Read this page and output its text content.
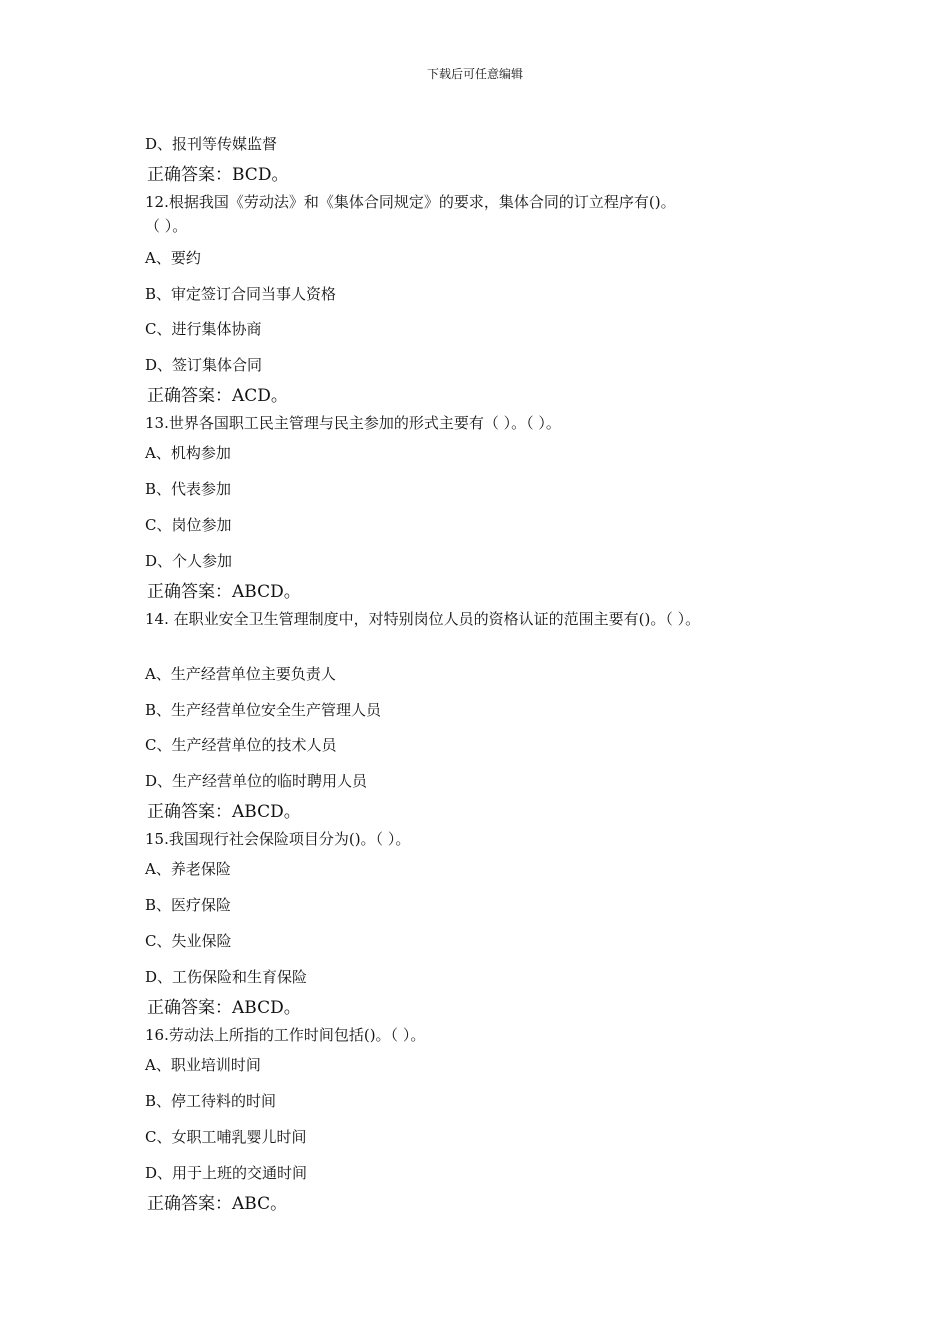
下载后可任意编辑
D、报刊等传媒监督
正确答案：BCD。
12.根据我国《劳动法》和《集体合同规定》的要求，集体合同的订立程序有()。
（ ）。
A、要约
B、审定签订合同当事人资格
C、进行集体协商
D、签订集体合同
正确答案：ACD。
13.世界各国职工民主管理与民主参加的形式主要有（ ）。（ ）。
A、机构参加
B、代表参加
C、岗位参加
D、个人参加
正确答案：ABCD。
14. 在职业安全卫生管理制度中，对特别岗位人员的资格认证的范围主要有()。（ ）。
A、生产经营单位主要负责人
B、生产经营单位安全生产管理人员
C、生产经营单位的技术人员
D、生产经营单位的临时聘用人员
正确答案：ABCD。
15.我国现行社会保险项目分为()。（ ）。
A、养老保险
B、医疗保险
C、失业保险
D、工伤保险和生育保险
正确答案：ABCD。
16.劳动法上所指的工作时间包括()。（ ）。
A、职业培训时间
B、停工待料的时间
C、女职工哺乳婴儿时间
D、用于上班的交通时间
正确答案：ABC。
